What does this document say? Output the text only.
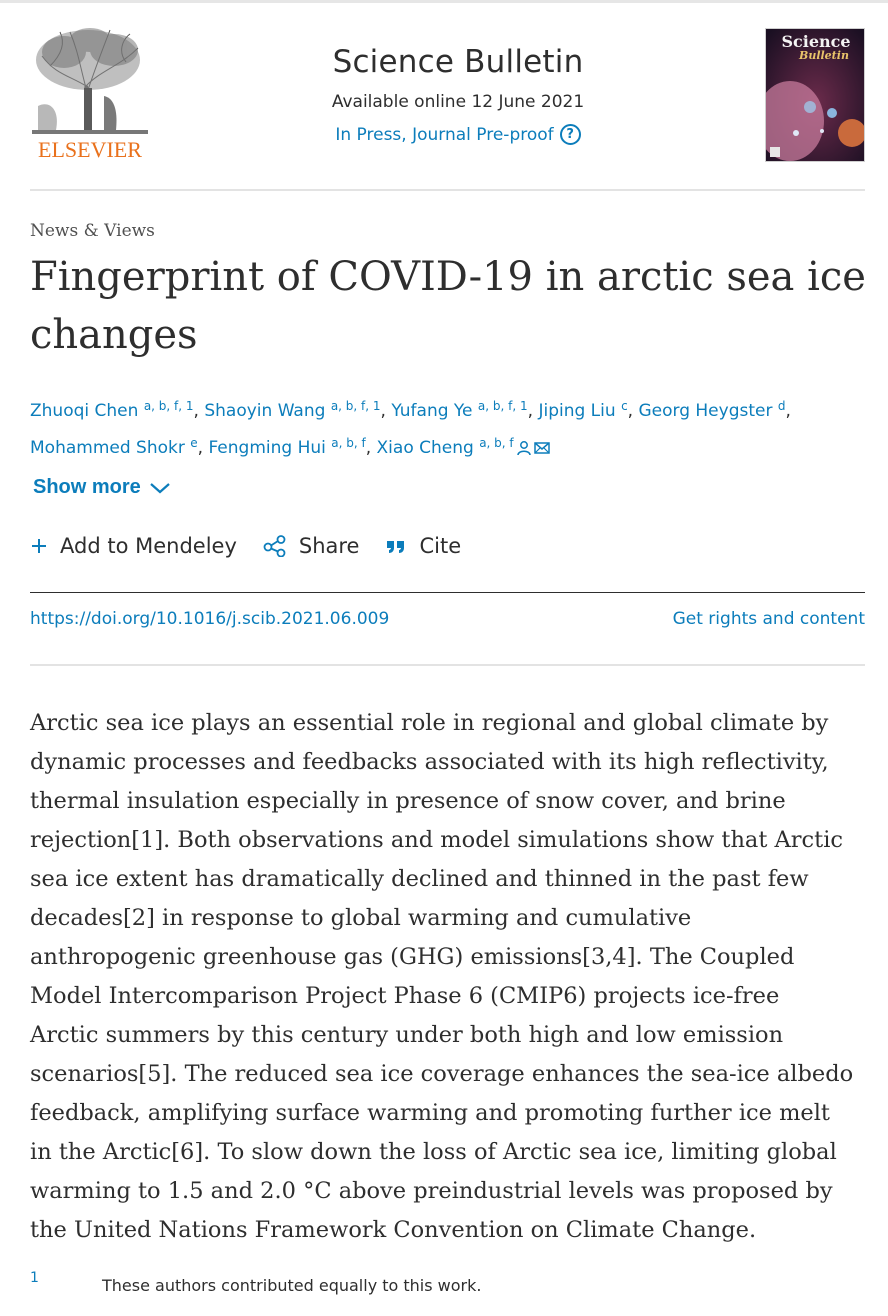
ELSEVIER
Science Bulletin
Available online 12 June 2021
In Press, Journal Pre-proof ?
Science
Bulletin
News & Views
Fingerprint of COVID-19 in arctic sea ice changes
Zhuoqi Chen $^{a, b, f, 1}$, Shaoyin Wang $^{a, b, f, 1}$, Yufang Ye $^{a, b, f, 1}$, Jiping Liu $^c$, Georg Heygster $^d$,
Mohammed Shokr $^e$, Fengming Hui $^{a, b, f}$, Xiao Cheng $^{a, b, f}$
Show more
Add to Mendeley	Share	Cite
https://doi.org/10.1016/j.scib.2021.06.009	Get rights and content
Arctic sea ice plays an essential role in regional and global climate by
dynamic processes and feedbacks associated with its high reflectivity,
thermal insulation especially in presence of snow cover, and brine
rejection[1]. Both observations and model simulations show that Arctic
sea ice extent has dramatically declined and thinned in the past few
decades[2] in response to global warming and cumulative
anthropogenic greenhouse gas (GHG) emissions[3,4]. The Coupled
Model Intercomparison Project Phase 6 (CMIP6) projects ice-free
Arctic summers by this century under both high and low emission
scenarios[5]. The reduced sea ice coverage enhances the sea-ice albedo
feedback, amplifying surface warming and promoting further ice melt
in the Arctic[6]. To slow down the loss of Arctic sea ice, limiting global
warming to 1.5 and 2.0 °C above preindustrial levels was proposed by
the United Nations Framework Convention on Climate Change.
1	These authors contributed equally to this work.
